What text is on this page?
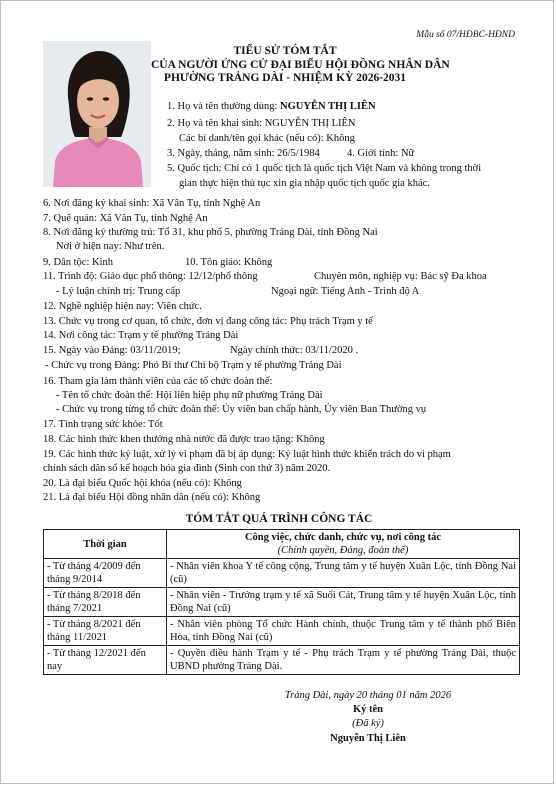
Mẫu số 07/HĐBC-HĐND
TIỂU SỬ TÓM TẮT
CỦA NGƯỜI ỨNG CỬ ĐẠI BIỂU HỘI ĐỒNG NHÂN DÂN
PHƯỜNG TRẢNG DÀI - NHIỆM KỲ 2026-2031
1. Họ và tên thường dùng: NGUYỄN THỊ LIÊN
2. Họ và tên khai sinh: NGUYỄN THỊ LIÊN
Các bí danh/tên gọi khác (nếu có): Không
3. Ngày, tháng, năm sinh: 26/5/1984	4. Giới tính: Nữ
5. Quốc tịch: Chỉ có 1 quốc tịch là quốc tịch Việt Nam và không trong thời
gian thực hiện thủ tục xin gia nhập quốc tịch quốc gia khác.
6. Nơi đăng ký khai sinh: Xã Vân Tụ, tỉnh Nghệ An
7. Quê quán: Xã Vân Tụ, tỉnh Nghệ An
8. Nơi đăng ký thường trú: Tổ 31, khu phố 5, phường Trảng Dài, tỉnh Đồng Nai
Nơi ở hiện nay: Như trên.
9. Dân tộc: Kinh	10. Tôn giáo: Không
11. Trình độ: Giáo dục phổ thông: 12/12/phổ thông	Chuyên môn, nghiệp vụ: Bác sỹ Đa khoa
- Lý luận chính trị: Trung cấp	Ngoại ngữ: Tiếng Anh - Trình độ A
12. Nghề nghiệp hiện nay: Viên chức.
13. Chức vụ trong cơ quan, tổ chức, đơn vị đang công tác: Phụ trách Trạm y tế
14. Nơi công tác: Trạm y tế phường Trảng Dài
15. Ngày vào Đảng: 03/11/2019;	Ngày chính thức: 03/11/2020 .
- Chức vụ trong Đảng: Phó Bí thư Chi bộ Trạm y tế phường Trảng Dài
16. Tham gia làm thành viên của các tổ chức đoàn thể:
- Tên tổ chức đoàn thể: Hội liên hiệp phụ nữ phường Trảng Dài
- Chức vụ trong từng tổ chức đoàn thể: Ủy viên ban chấp hành, Ủy viên Ban Thường vụ
17. Tình trạng sức khỏe: Tốt
18. Các hình thức khen thưởng nhà nước đã được trao tặng: Không
19. Các hình thức kỷ luật, xử lý vi phạm đã bị áp dụng: Kỷ luật hình thức khiển trách do vi phạm
chính sách dân số kế hoạch hóa gia đình (Sinh con thứ 3) năm 2020.
20. Là đại biểu Quốc hội khóa (nếu có): Không
21. Là đại biểu Hội đồng nhân dân (nếu có): Không
TÓM TẮT QUÁ TRÌNH CÔNG TÁC
Thời gian	Công việc, chức danh, chức vụ, nơi công tác
(Chính quyền, Đảng, đoàn thể)

- Từ tháng 4/2009 đến tháng 9/2014	- Nhân viên khoa Y tế công cộng, Trung tâm y tế huyện Xuân Lộc, tỉnh Đồng Nai (cũ)
- Từ tháng 8/2018 đến tháng 7/2021	- Nhân viên - Trưởng trạm y tế xã Suối Cát, Trung tâm y tế huyện Xuân Lộc, tỉnh Đồng Nai (cũ)
- Từ tháng 8/2021 đến tháng 11/2021	- Nhân viên phòng Tổ chức Hành chính, thuộc Trung tâm y tế thành phố Biên Hòa, tỉnh Đồng Nai (cũ)
- Từ tháng 12/2021 đến nay	- Quyền điều hành Trạm y tế - Phụ trách Trạm y tế phường Trảng Dài, thuộc UBND phường Trảng Dài.
Trảng Dài, ngày 20 tháng 01 năm 2026
Ký tên
(Đã ký)
Nguyễn Thị Liên
